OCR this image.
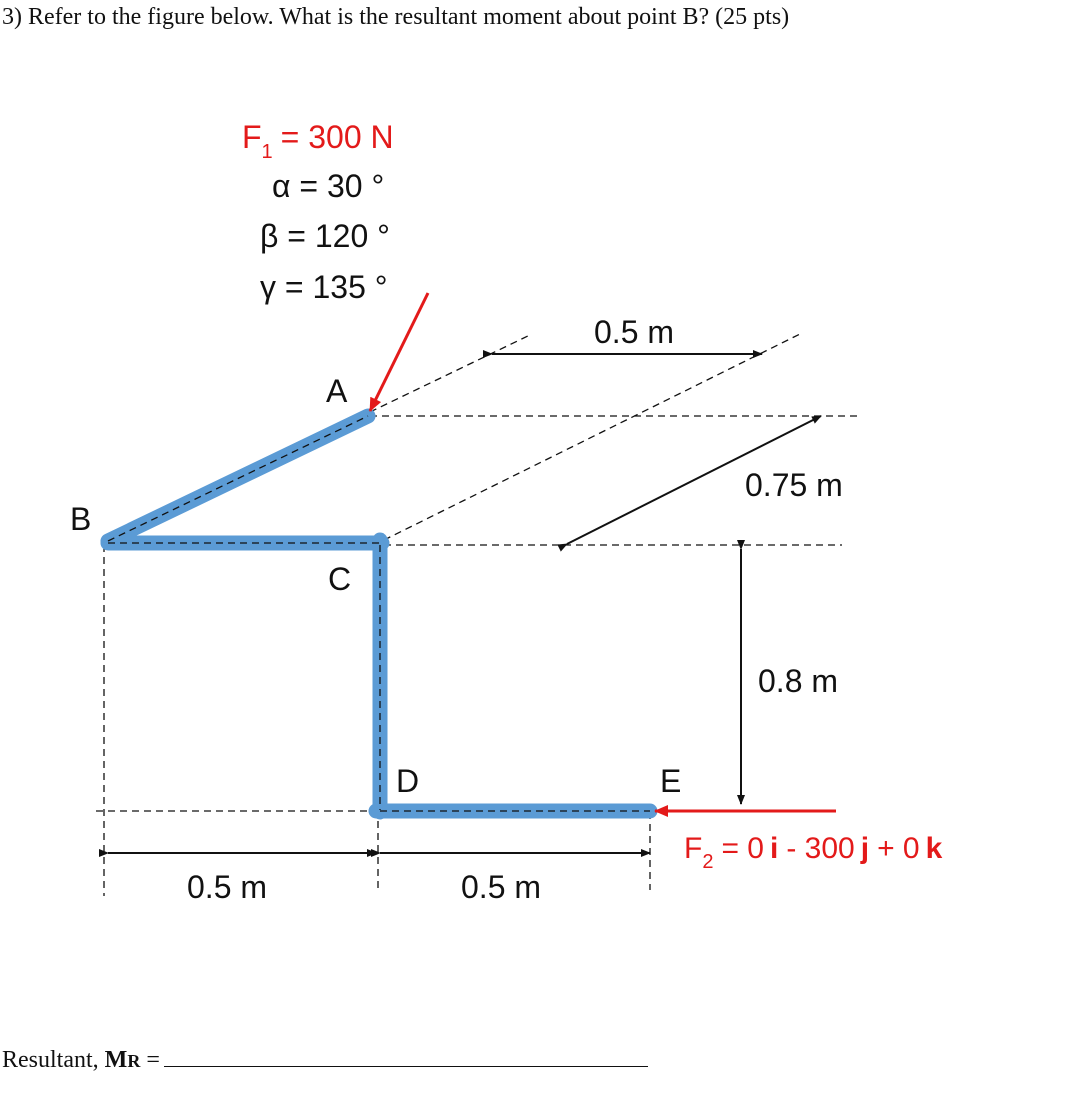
3) Refer to the figure below. What is the resultant moment about point B? (25 pts)
$F_1 = 300$ N
α = 30 °
β = 120 °
γ = 135 °
A
B
C
D	E
0.5 m
0.75 m
0.8 m
0.5 m	0.5 m
$F_2 = 0$ i - 300 j + 0 k
Resultant, MR =
